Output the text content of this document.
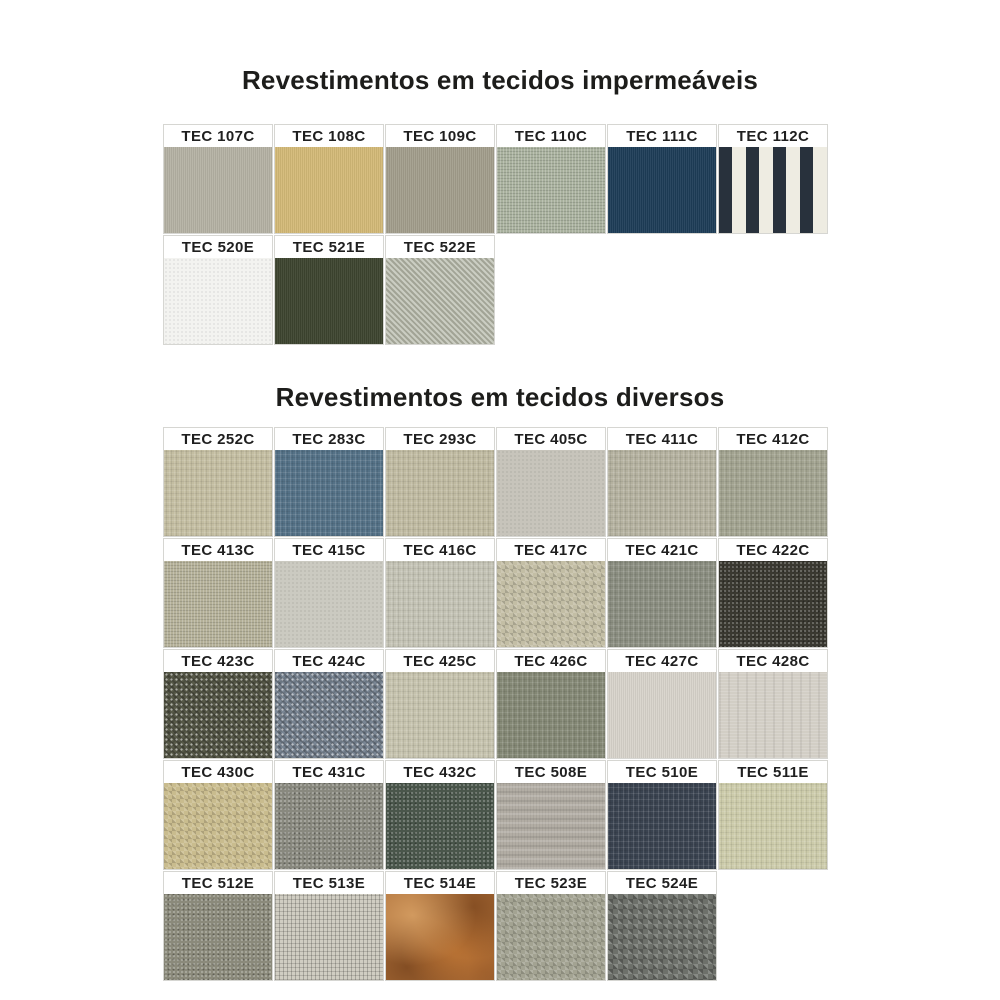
Revestimentos em tecidos impermeáveis
TEC 107C	TEC 108C	TEC 109C	TEC 110C	TEC 111C	TEC 112C
TEC 520E	TEC 521E	TEC 522E
Revestimentos em tecidos diversos
TEC 252C	TEC 283C	TEC 293C	TEC 405C	TEC 411C	TEC 412C
TEC 413C	TEC 415C	TEC 416C	TEC 417C	TEC 421C	TEC 422C
TEC 423C	TEC 424C	TEC 425C	TEC 426C	TEC 427C	TEC 428C
TEC 430C	TEC 431C	TEC 432C	TEC 508E	TEC 510E	TEC 511E
TEC 512E	TEC 513E	TEC 514E	TEC 523E	TEC 524E
